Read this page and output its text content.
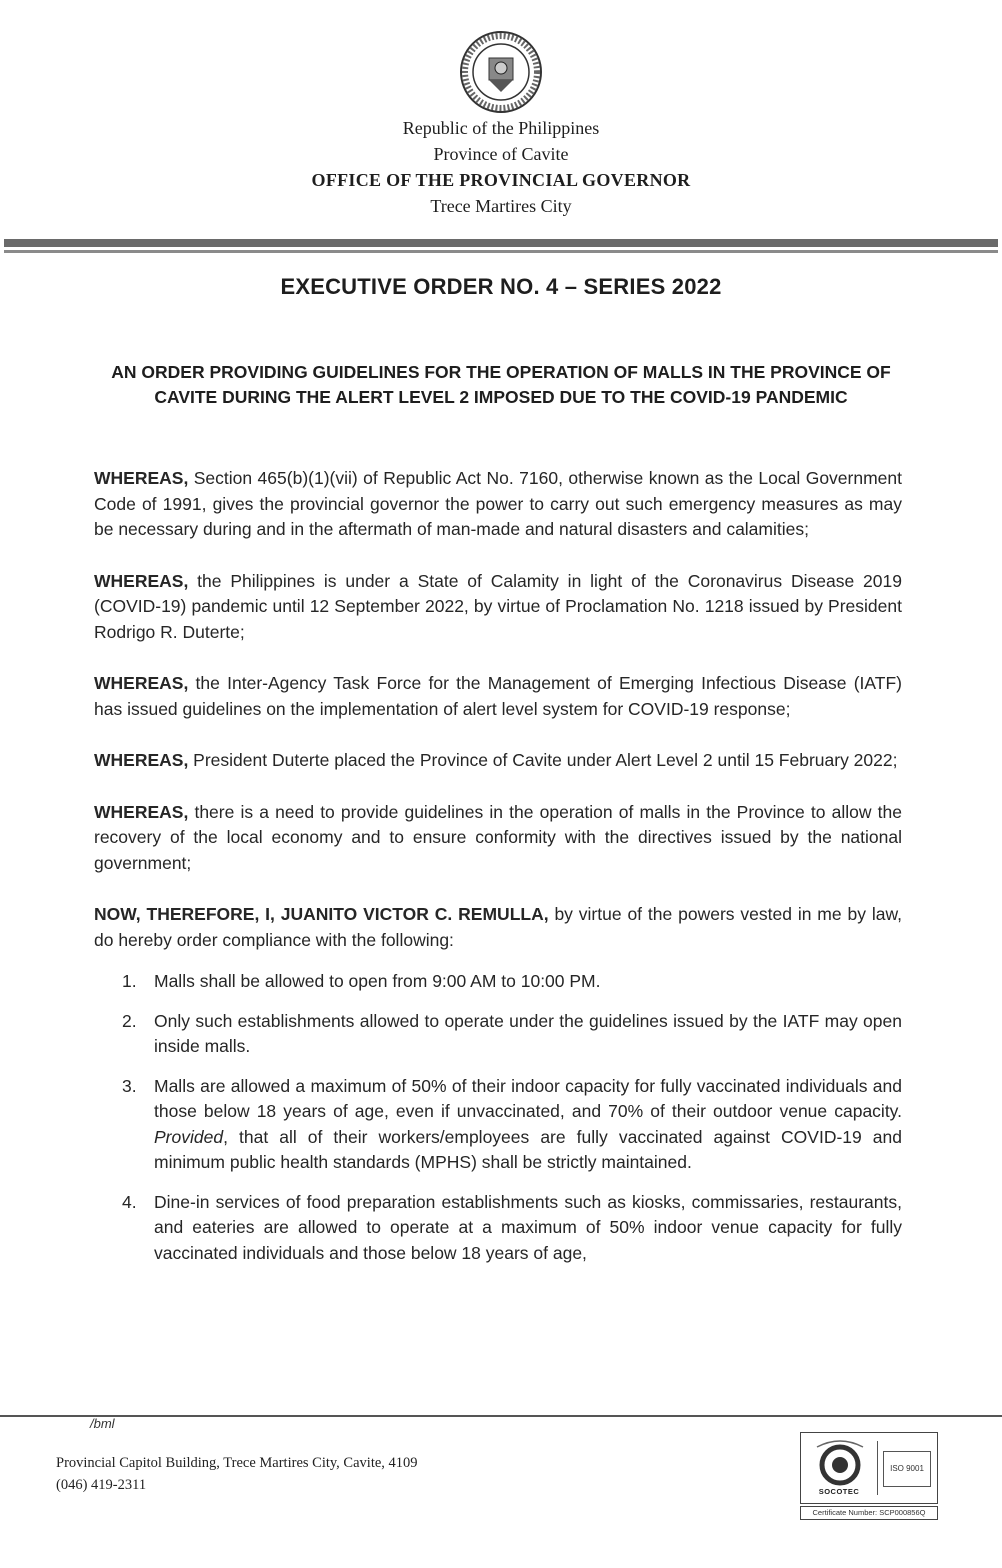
Republic of the Philippines
Province of Cavite
OFFICE OF THE PROVINCIAL GOVERNOR
Trece Martires City
EXECUTIVE ORDER NO. 4 – SERIES 2022
AN ORDER PROVIDING GUIDELINES FOR THE OPERATION OF MALLS IN THE PROVINCE OF CAVITE DURING THE ALERT LEVEL 2 IMPOSED DUE TO THE COVID-19 PANDEMIC

WHEREAS, Section 465(b)(1)(vii) of Republic Act No. 7160, otherwise known as the Local Government Code of 1991, gives the provincial governor the power to carry out such emergency measures as may be necessary during and in the aftermath of man-made and natural disasters and calamities;

WHEREAS, the Philippines is under a State of Calamity in light of the Coronavirus Disease 2019 (COVID-19) pandemic until 12 September 2022, by virtue of Proclamation No. 1218 issued by President Rodrigo R. Duterte;

WHEREAS, the Inter-Agency Task Force for the Management of Emerging Infectious Disease (IATF) has issued guidelines on the implementation of alert level system for COVID-19 response;

WHEREAS, President Duterte placed the Province of Cavite under Alert Level 2 until 15 February 2022;

WHEREAS, there is a need to provide guidelines in the operation of malls in the Province to allow the recovery of the local economy and to ensure conformity with the directives issued by the national government;

NOW, THEREFORE, I, JUANITO VICTOR C. REMULLA, by virtue of the powers vested in me by law, do hereby order compliance with the following:

1. Malls shall be allowed to open from 9:00 AM to 10:00 PM.
2. Only such establishments allowed to operate under the guidelines issued by the IATF may open inside malls.
3. Malls are allowed a maximum of 50% of their indoor capacity for fully vaccinated individuals and those below 18 years of age, even if unvaccinated, and 70% of their outdoor venue capacity. Provided, that all of their workers/employees are fully vaccinated against COVID-19 and minimum public health standards (MPHS) shall be strictly maintained.
4. Dine-in services of food preparation establishments such as kiosks, commissaries, restaurants, and eateries are allowed to operate at a maximum of 50% indoor venue capacity for fully vaccinated individuals and those below 18 years of age,
/bml
Provincial Capitol Building, Trece Martires City, Cavite, 4109
(046) 419-2311	SOCOTEC
ISO 9001
Certificate Number: SCP000856Q
